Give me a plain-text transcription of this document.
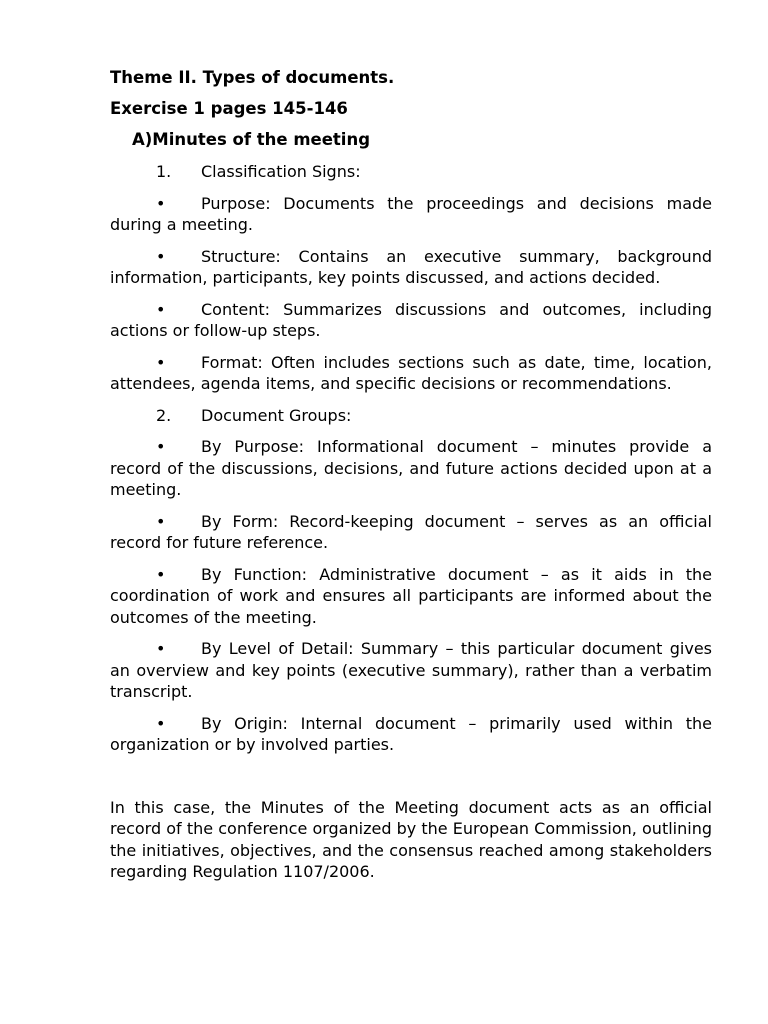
Theme II. Types of documents.

Exercise 1 pages 145-146

A)Minutes of the meeting

1. Classification Signs:

• Purpose: Documents the proceedings and decisions made during a meeting.

• Structure: Contains an executive summary, background information, participants, key points discussed, and actions decided.

• Content: Summarizes discussions and outcomes, including actions or follow-up steps.

• Format: Often includes sections such as date, time, location, attendees, agenda items, and specific decisions or recommendations.

2. Document Groups:

• By Purpose: Informational document – minutes provide a record of the discussions, decisions, and future actions decided upon at a meeting.

• By Form: Record-keeping document – serves as an official record for future reference.

• By Function: Administrative document – as it aids in the coordination of work and ensures all participants are informed about the outcomes of the meeting.

• By Level of Detail: Summary – this particular document gives an overview and key points (executive summary), rather than a verbatim transcript.

• By Origin: Internal document – primarily used within the organization or by involved parties.

In this case, the Minutes of the Meeting document acts as an official record of the conference organized by the European Commission, outlining the initiatives, objectives, and the consensus reached among stakeholders regarding Regulation 1107/2006.
